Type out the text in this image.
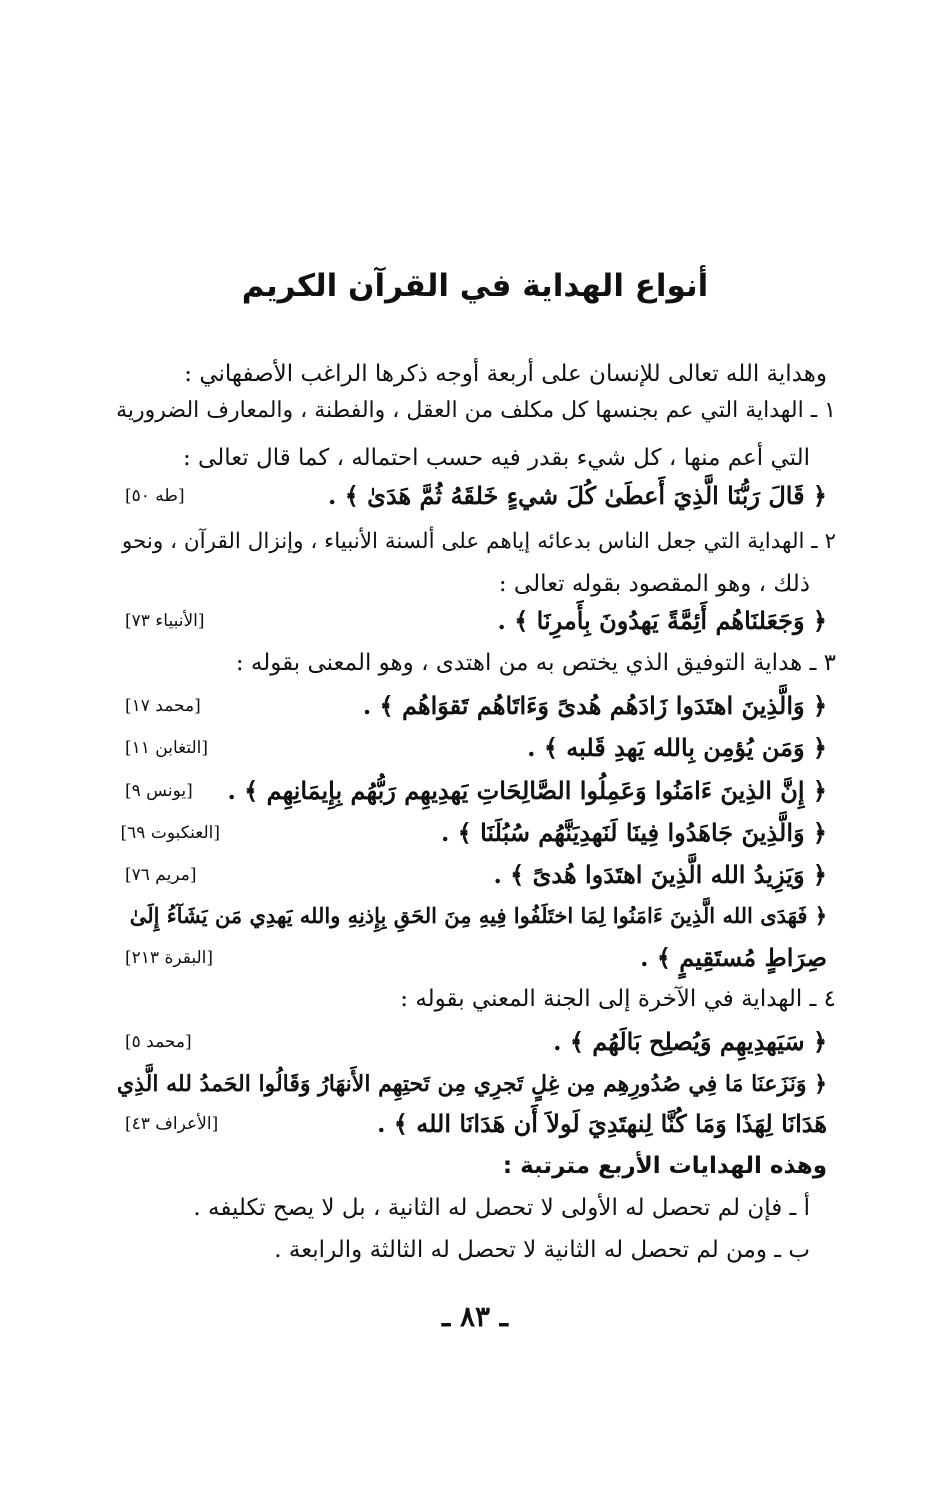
أنواع الهداية في القرآن الكريم
وهداية الله تعالى للإنسان على أربعة أوجه ذكرها الراغب الأصفهاني :
١ ـ الهداية التي عم بجنسها كل مكلف من العقل ، والفطنة ، والمعارف الضرورية
التي أعم منها ، كل شيء بقدر فيه حسب احتماله ، كما قال تعالى :
﴿ قَالَ رَبُّنَا الَّذِيَ أَعطَىٰ كُلَ شيءٍ خَلقَهُ ثُمَّ هَدَىٰ ﴾ .
[طه ٥٠]
٢ ـ الهداية التي جعل الناس بدعائه إياهم على ألسنة الأنبياء ، وإنزال القرآن ، ونحو
ذلك ، وهو المقصود بقوله تعالى :
﴿ وَجَعَلنَاهُم أَئِمَّةً يَهدُونَ بِأَمرِنَا ﴾ .
[الأنبياء ٧٣]
٣ ـ هداية التوفيق الذي يختص به من اهتدى ، وهو المعنى بقوله :
﴿ وَالَّذِينَ اهتَدَوا زَادَهُم هُدىً وَءَاتَاهُم تَقوَاهُم ﴾ .
[محمد ١٧]
﴿ وَمَن يُؤمِن بِالله يَهدِ قَلبه ﴾ .
[التغابن ١١]
﴿ إِنَّ الذِينَ ءَامَنُوا وَعَمِلُوا الصَّالِحَاتِ يَهدِيهِم رَبُّهُم بِإِيمَانِهِم ﴾ .
[يونس ٩]
﴿ وَالَّذِينَ جَاهَدُوا فِينَا لَنَهدِيَنَّهُم سُبُلَنَا ﴾ .
[العنكبوت ٦٩]
﴿ وَيَزِيدُ الله الَّذِينَ اهتَدَوا هُدىً ﴾ .
[مريم ٧٦]
﴿ فَهَدَى الله الَّذِينَ ءَامَنُوا لِمَا اختَلَفُوا فِيهِ مِنَ الحَقِ بِإِذنِهِ والله يَهدِي مَن يَشَآءُ إِلَىٰ
صِرَاطٍ مُستَقِيمٍ ﴾ .
[البقرة ٢١٣]
٤ ـ الهداية في الآخرة إلى الجنة المعني بقوله :
﴿ سَيَهدِيهِم وَيُصلِح بَالَهُم ﴾ .
[محمد ٥]
﴿ وَنَزَعنَا مَا فِي صُدُورِهِم مِن غِلٍ تَجرِي مِن تَحتِهِم الأَنهَارُ وَقَالُوا الحَمدُ لله الَّذِي
هَدَانَا لِهَذَا وَمَا كُنَّا لِنهتَدِيَ لَولاَ أَن هَدَانَا الله ﴾ .
[الأعراف ٤٣]
وهذه الهدايات الأربع مترتبة :
أ ـ فإن لم تحصل له الأولى لا تحصل له الثانية ، بل لا يصح تكليفه .
ب ـ ومن لم تحصل له الثانية لا تحصل له الثالثة والرابعة .
ـ ٨٣ ـ
